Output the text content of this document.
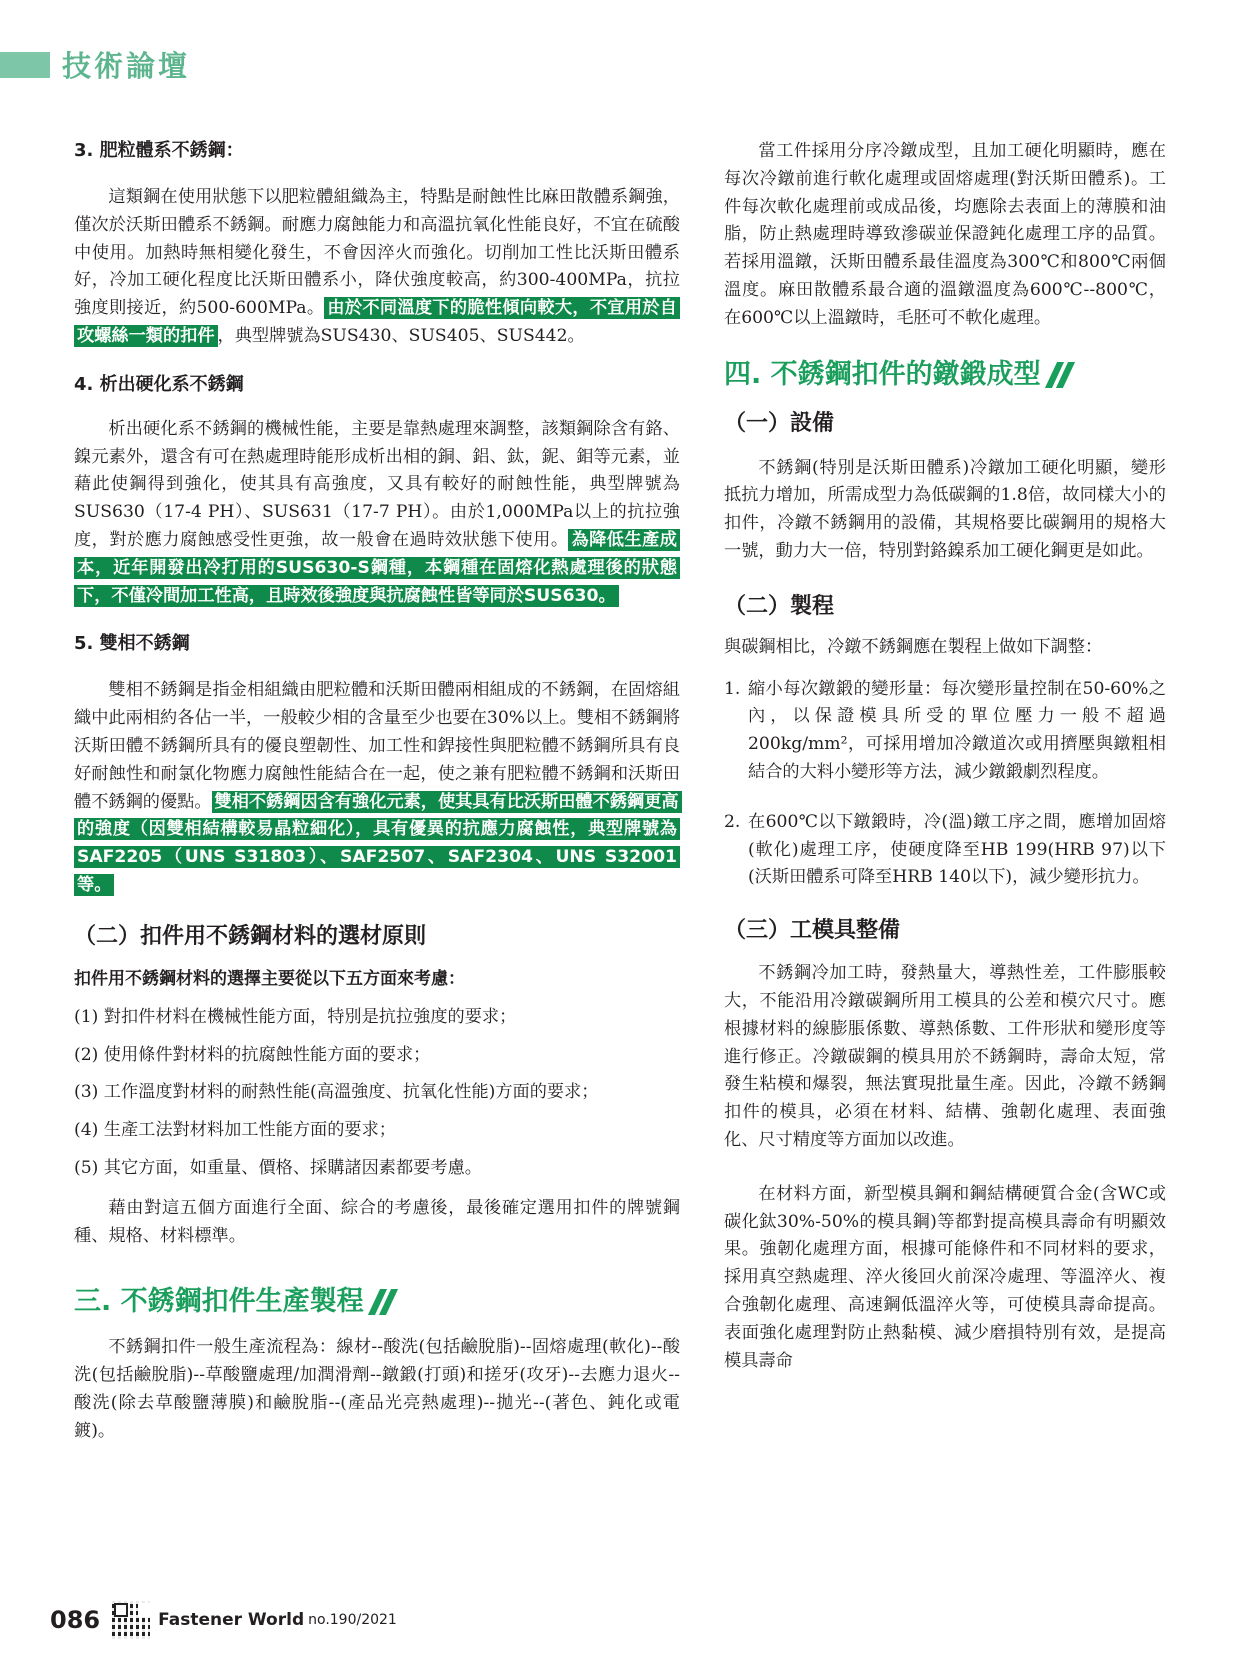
技術論壇

3. 肥粒體系不銹鋼：

這類鋼在使用狀態下以肥粒體組織為主，特點是耐蝕性比麻田散體系鋼強，僅次於沃斯田體系不銹鋼。耐應力腐蝕能力和高溫抗氧化性能良好，不宜在硫酸中使用。加熱時無相變化發生，不會因淬火而強化。切削加工性比沃斯田體系好，冷加工硬化程度比沃斯田體系小，降伏強度較高，約300-400MPa，抗拉強度則接近，約500-600MPa。 由於不同溫度下的脆性傾向較大，不宜用於自攻螺絲一類的扣件 ，典型牌號為SUS430、SUS405、SUS442。

4. 析出硬化系不銹鋼

析出硬化系不銹鋼的機械性能，主要是靠熱處理來調整，該類鋼除含有鉻、鎳元素外，還含有可在熱處理時能形成析出相的銅、鋁、鈦，鈮、鉬等元素，並藉此使鋼得到強化，使其具有高強度，又具有較好的耐蝕性能，典型牌號為SUS630（17-4 PH）、SUS631（17-7 PH）。由於1,000MPa以上的抗拉強度，對於應力腐蝕感受性更強，故一般會在過時效狀態下使用。 為降低生產成本，近年開發出冷打用的SUS630-S鋼種，本鋼種在固熔化熱處理後的狀態下，不僅冷間加工性高，且時效後強度與抗腐蝕性皆等同於SUS630。

5. 雙相不銹鋼

雙相不銹鋼是指金相組織由肥粒體和沃斯田體兩相組成的不銹鋼，在固熔組織中此兩相約各佔一半，一般較少相的含量至少也要在30%以上。雙相不銹鋼將沃斯田體不銹鋼所具有的優良塑韌性、加工性和銲接性與肥粒體不銹鋼所具有良好耐蝕性和耐氯化物應力腐蝕性能結合在一起，使之兼有肥粒體不銹鋼和沃斯田體不銹鋼的優點。 雙相不銹鋼因含有強化元素，使其具有比沃斯田體不銹鋼更高的強度（因雙相結構較易晶粒細化），具有優異的抗應力腐蝕性，典型牌號為SAF2205（UNS S31803）、SAF2507、SAF2304、UNS S32001等。

（二）扣件用不銹鋼材料的選材原則

扣件用不銹鋼材料的選擇主要從以下五方面來考慮：

(1) 對扣件材料在機械性能方面，特別是抗拉強度的要求；

(2) 使用條件對材料的抗腐蝕性能方面的要求；

(3) 工作溫度對材料的耐熱性能(高溫強度、抗氧化性能)方面的要求；

(4) 生產工法對材料加工性能方面的要求；

(5) 其它方面，如重量、價格、採購諸因素都要考慮。

藉由對這五個方面進行全面、綜合的考慮後，最後確定選用扣件的牌號鋼種、規格、材料標準。

三. 不銹鋼扣件生產製程

不銹鋼扣件一般生產流程為：線材--酸洗(包括鹼脫脂)--固熔處理(軟化)--酸洗(包括鹼脫脂)--草酸鹽處理/加潤滑劑--鐓鍛(打頭)和搓牙(攻牙)--去應力退火--酸洗(除去草酸鹽薄膜)和鹼脫脂--(產品光亮熱處理)--拋光--(著色、鈍化或電鍍)。

當工件採用分序冷鐓成型，且加工硬化明顯時，應在每次冷鐓前進行軟化處理或固熔處理(對沃斯田體系)。工件每次軟化處理前或成品後，均應除去表面上的薄膜和油脂，防止熱處理時導致滲碳並保證鈍化處理工序的品質。若採用溫鐓，沃斯田體系最佳溫度為300℃和800℃兩個溫度。麻田散體系最合適的溫鐓溫度為600℃--800℃，在600℃以上溫鐓時，毛胚可不軟化處理。

四. 不銹鋼扣件的鐓鍛成型

（一）設備

不銹鋼(特別是沃斯田體系)冷鐓加工硬化明顯，變形抵抗力增加，所需成型力為低碳鋼的1.8倍，故同樣大小的扣件，冷鐓不銹鋼用的設備，其規格要比碳鋼用的規格大一號，動力大一倍，特別對鉻鎳系加工硬化鋼更是如此。

（二）製程

與碳鋼相比，冷鐓不銹鋼應在製程上做如下調整：

1. 縮小每次鐓鍛的變形量：每次變形量控制在50-60%之內，以保證模具所受的單位壓力一般不超過200kg/mm²，可採用增加冷鐓道次或用擠壓與鐓粗相結合的大料小變形等方法，減少鐓鍛劇烈程度。
2. 在600℃以下鐓鍛時，冷(溫)鐓工序之間，應增加固熔(軟化)處理工序，使硬度降至HB 199(HRB 97)以下(沃斯田體系可降至HRB 140以下)，減少變形抗力。

（三）工模具整備

不銹鋼冷加工時，發熱量大，導熱性差，工件膨脹較大，不能沿用冷鐓碳鋼所用工模具的公差和模穴尺寸。應根據材料的線膨脹係數、導熱係數、工件形狀和變形度等進行修正。冷鐓碳鋼的模具用於不銹鋼時，壽命太短，常發生粘模和爆裂，無法實現批量生產。因此，冷鐓不銹鋼扣件的模具，必須在材料、結構、強韌化處理、表面強化、尺寸精度等方面加以改進。

在材料方面，新型模具鋼和鋼結構硬質合金(含WC或碳化鈦30%-50%的模具鋼)等都對提高模具壽命有明顯效果。強韌化處理方面，根據可能條件和不同材料的要求，採用真空熱處理、淬火後回火前深冷處理、等溫淬火、複合強韌化處理、高速鋼低溫淬火等，可使模具壽命提高。表面強化處理對防止熱黏模、減少磨損特別有效，是提高模具壽命

086	Fastener World no.190/2021
